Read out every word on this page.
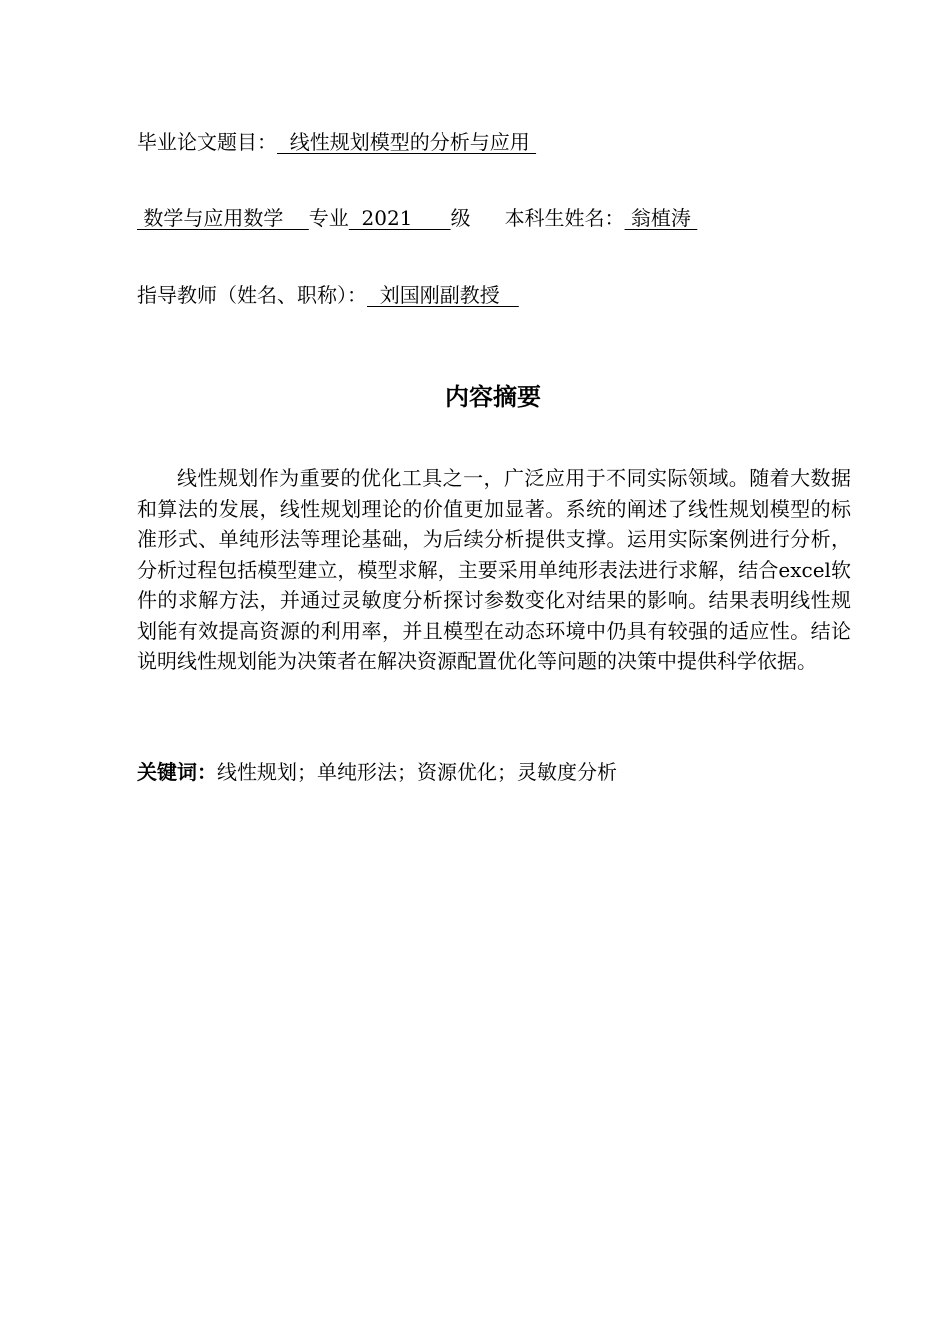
毕业论文题目：  线性规划模型的分析与应用
数学与应用数学    专业  2021      级 本科生姓名： 翁植涛
指导教师（姓名、职称）：  刘国刚副教授
内容摘要
线性规划作为重要的优化工具之一，广泛应用于不同实际领域。随着大数据和算法的发展，线性规划理论的价值更加显著。系统的阐述了线性规划模型的标准形式、单纯形法等理论基础，为后续分析提供支撑。运用实际案例进行分析，分析过程包括模型建立，模型求解，主要采用单纯形表法进行求解，结合excel软件的求解方法，并通过灵敏度分析探讨参数变化对结果的影响。结果表明线性规划能有效提高资源的利用率，并且模型在动态环境中仍具有较强的适应性。结论说明线性规划能为决策者在解决资源配置优化等问题的决策中提供科学依据。
关键词：线性规划；单纯形法；资源优化；灵敏度分析
